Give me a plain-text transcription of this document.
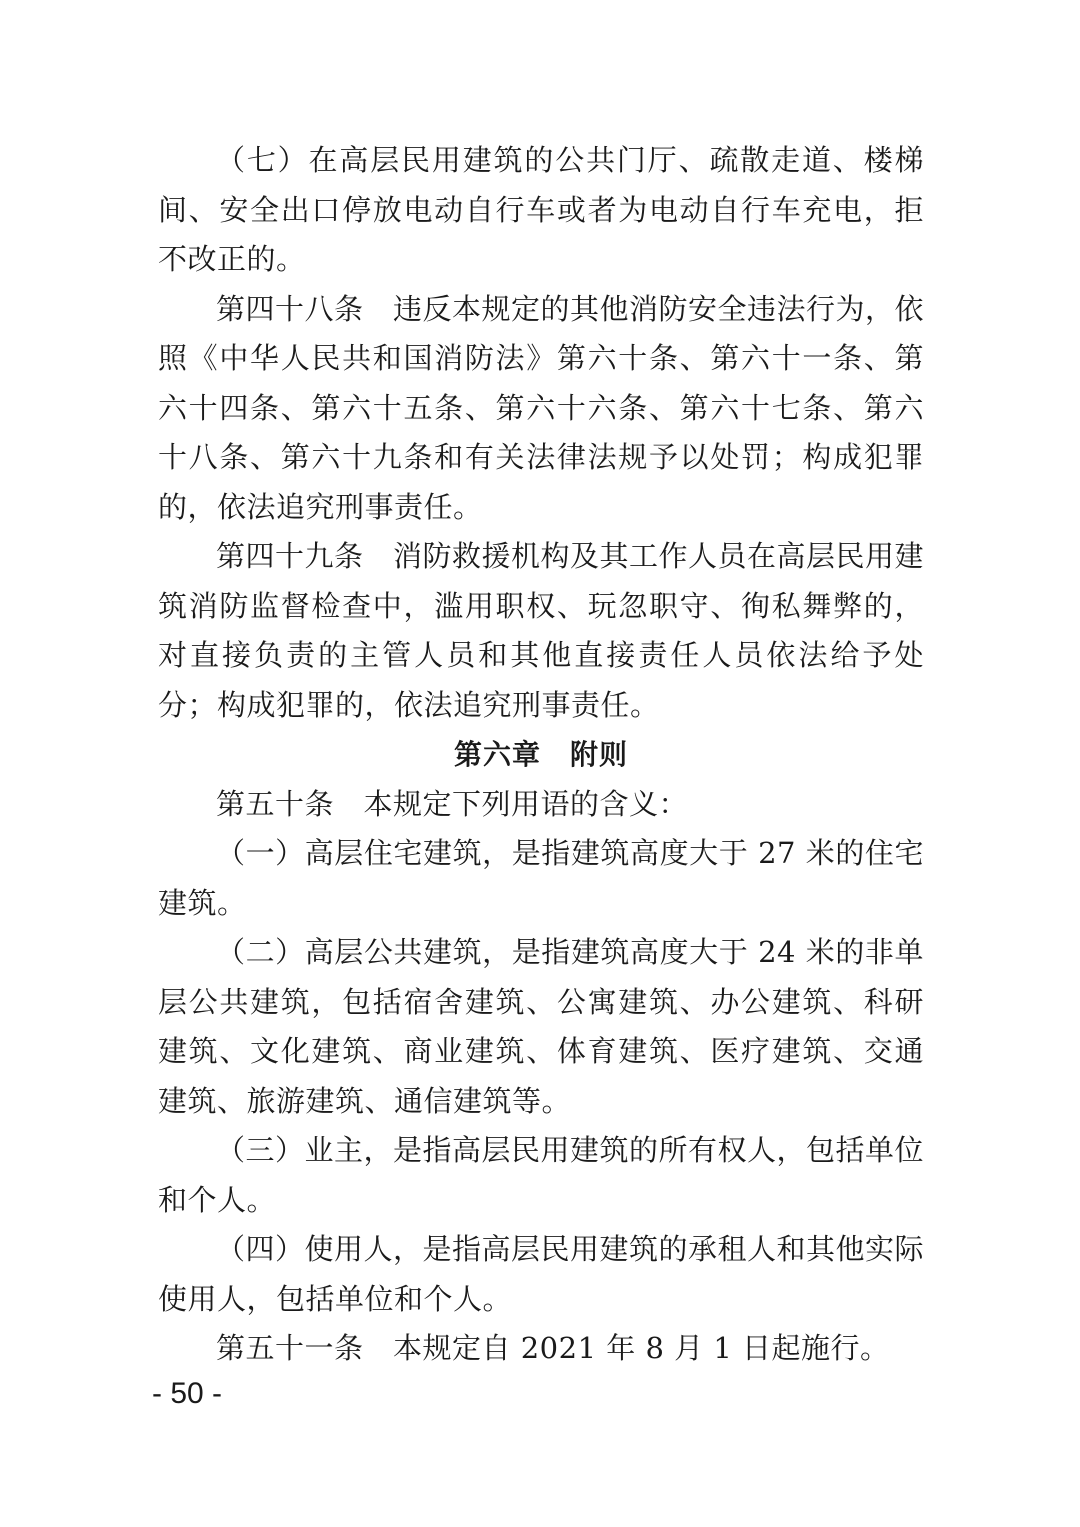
（七）在高层民用建筑的公共门厅、疏散走道、楼梯间、安全出口停放电动自行车或者为电动自行车充电，拒不改正的。

第四十八条　违反本规定的其他消防安全违法行为，依照《中华人民共和国消防法》第六十条、第六十一条、第六十四条、第六十五条、第六十六条、第六十七条、第六十八条、第六十九条和有关法律法规予以处罚；构成犯罪的，依法追究刑事责任。

第四十九条　消防救援机构及其工作人员在高层民用建筑消防监督检查中，滥用职权、玩忽职守、徇私舞弊的，对直接负责的主管人员和其他直接责任人员依法给予处分；构成犯罪的，依法追究刑事责任。

第六章　附则

第五十条　本规定下列用语的含义：

（一）高层住宅建筑，是指建筑高度大于 27 米的住宅建筑。

（二）高层公共建筑，是指建筑高度大于 24 米的非单层公共建筑，包括宿舍建筑、公寓建筑、办公建筑、科研建筑、文化建筑、商业建筑、体育建筑、医疗建筑、交通建筑、旅游建筑、通信建筑等。

（三）业主，是指高层民用建筑的所有权人，包括单位和个人。

（四）使用人，是指高层民用建筑的承租人和其他实际使用人，包括单位和个人。

第五十一条　本规定自 2021 年 8 月 1 日起施行。

- 50 -
